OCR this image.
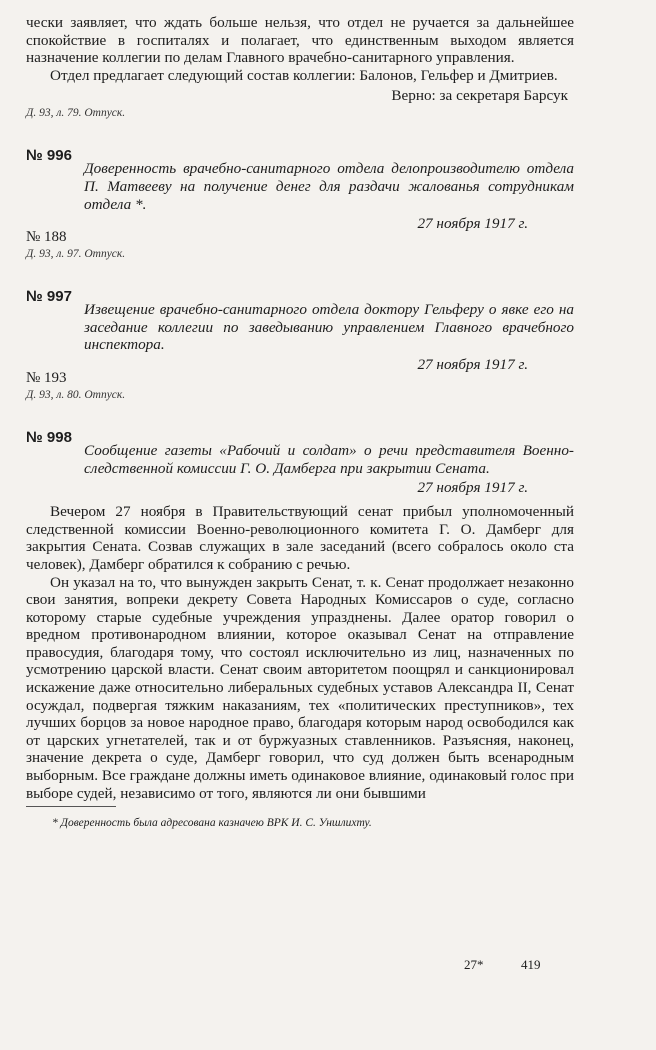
чески заявляет, что ждать больше нельзя, что отдел не ручается за дальнейшее спокойствие в госпиталях и полагает, что единственным выходом является назначение коллегии по делам Главного врачебно-санитарного управления.

Отдел предлагает следующий состав коллегии: Балонов, Гельфер и Дмитриев.

Верно: за секретаря Барсук

Д. 93, л. 79. Отпуск.

№ 996

Доверенность врачебно-санитарного отдела делопроизводителю отдела П. Матвееву на получение денег для раздачи жалованья сотрудникам отдела *.

27 ноября 1917 г.

№ 188

Д. 93, л. 97. Отпуск.

№ 997

Извещение врачебно-санитарного отдела доктору Гельферу о явке его на заседание коллегии по заведыванию управлением Главного врачебного инспектора.

27 ноября 1917 г.

№ 193

Д. 93, л. 80. Отпуск.

№ 998

Сообщение газеты «Рабочий и солдат» о речи представителя Военно-следственной комиссии Г. О. Дамберга при закрытии Сената.

27 ноября 1917 г.

Вечером 27 ноября в Правительствующий сенат прибыл уполномоченный следственной комиссии Военно-революционного комитета Г. О. Дамберг для закрытия Сената. Созвав служащих в зале заседаний (всего собралось около ста человек), Дамберг обратился к собранию с речью.

Он указал на то, что вынужден закрыть Сенат, т. к. Сенат продолжает незаконно свои занятия, вопреки декрету Совета Народных Комиссаров о суде, согласно которому старые судебные учреждения упразднены. Далее оратор говорил о вредном противонародном влиянии, которое оказывал Сенат на отправление правосудия, благодаря тому, что состоял исключительно из лиц, назначенных по усмотрению царской власти. Сенат своим авторитетом поощрял и санкционировал искажение даже относительно либеральных судебных уставов Александра II, Сенат осуждал, подвергая тяжким наказаниям, тех «политических преступников», тех лучших борцов за новое народное право, благодаря которым народ освободился как от царских угнетателей, так и от буржуазных ставленников. Разъясняя, наконец, значение декрета о суде, Дамберг говорил, что суд должен быть всенародным выборным. Все граждане должны иметь одинаковое влияние, одинаковый голос при выборе судей, независимо от того, являются ли они бывшими

* Доверенность была адресована казначею ВРК И. С. Уншлихту.

27*	419
